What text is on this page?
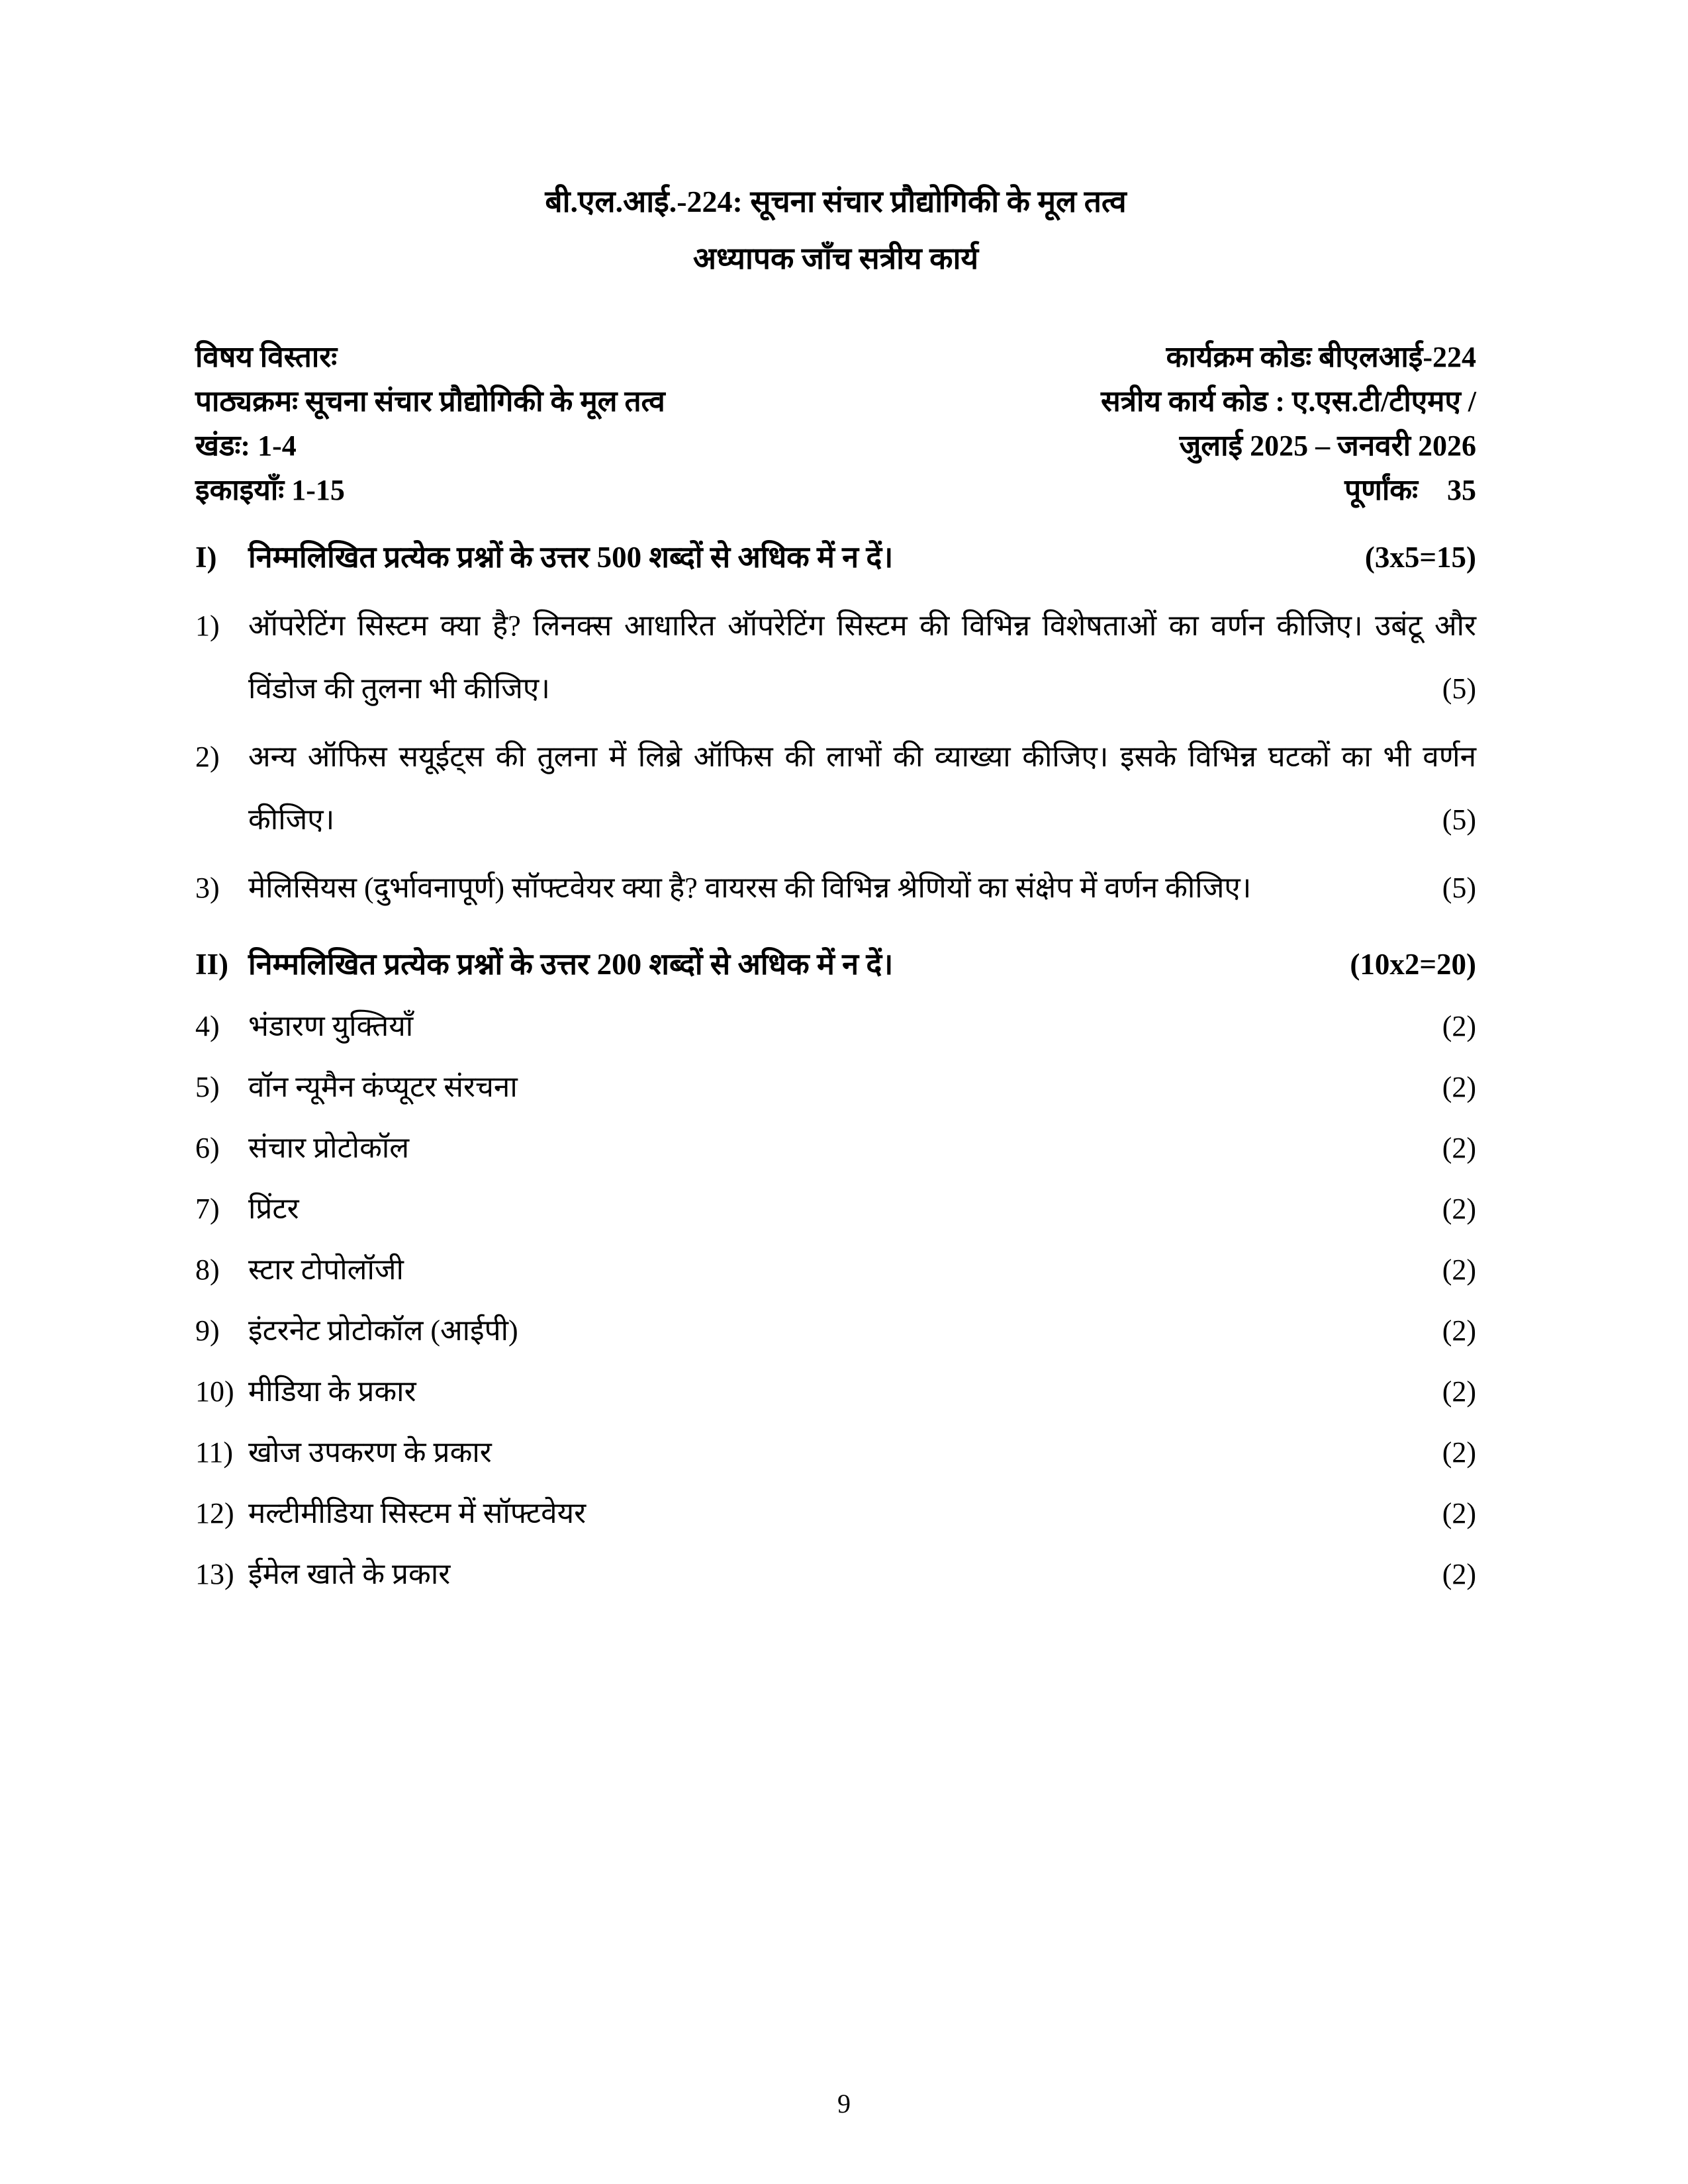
बी.एल.आई.-224: सूचना संचार प्रौद्योगिकी के मूल तत्व
अध्यापक जाँच सत्रीय कार्य
विषय विस्तारः	कार्यक्रम कोडः बीएलआई-224
पाठ्यक्रमः सूचना संचार प्रौद्योगिकी के मूल तत्व	सत्रीय कार्य कोड : ए.एस.टी/टीएमए /
खंडः: 1-4	जुलाई 2025 – जनवरी 2026
इकाइयाँः 1-15	पूर्णांकः    35
I)	निम्मलिखित प्रत्येक प्रश्नों के उत्तर 500 शब्दों से अधिक में न दें।	(3x5=15)
1) ऑपरेटिंग सिस्टम क्या है? लिनक्स आधारित ऑपरेटिंग सिस्टम की विभिन्न विशेषताओं का वर्णन कीजिए। उबंटू और विंडोज की तुलना भी कीजिए।	(5)
2) अन्य ऑफिस सयूईट्स की तुलना में लिब्रे ऑफिस की लाभों की व्याख्या कीजिए। इसके विभिन्न घटकों का भी वर्णन कीजिए।	(5)
3) मेलिसियस (दुर्भावनापूर्ण) सॉफ्टवेयर क्या है? वायरस की विभिन्न श्रेणियों का संक्षेप में वर्णन कीजिए।	(5)
II) निम्मलिखित प्रत्येक प्रश्नों के उत्तर 200 शब्दों से अधिक में न दें।	(10x2=20)
4) भंडारण युक्तियाँ	(2)
5) वॉन न्यूमैन कंप्यूटर संरचना	(2)
6) संचार प्रोटोकॉल	(2)
7) प्रिंटर	(2)
8) स्टार टोपोलॉजी	(2)
9) इंटरनेट प्रोटोकॉल (आईपी)	(2)
10) मीडिया के प्रकार	(2)
11) खोज उपकरण के प्रकार	(2)
12) मल्टीमीडिया सिस्टम में सॉफ्टवेयर	(2)
13) ईमेल खाते के प्रकार	(2)
9
